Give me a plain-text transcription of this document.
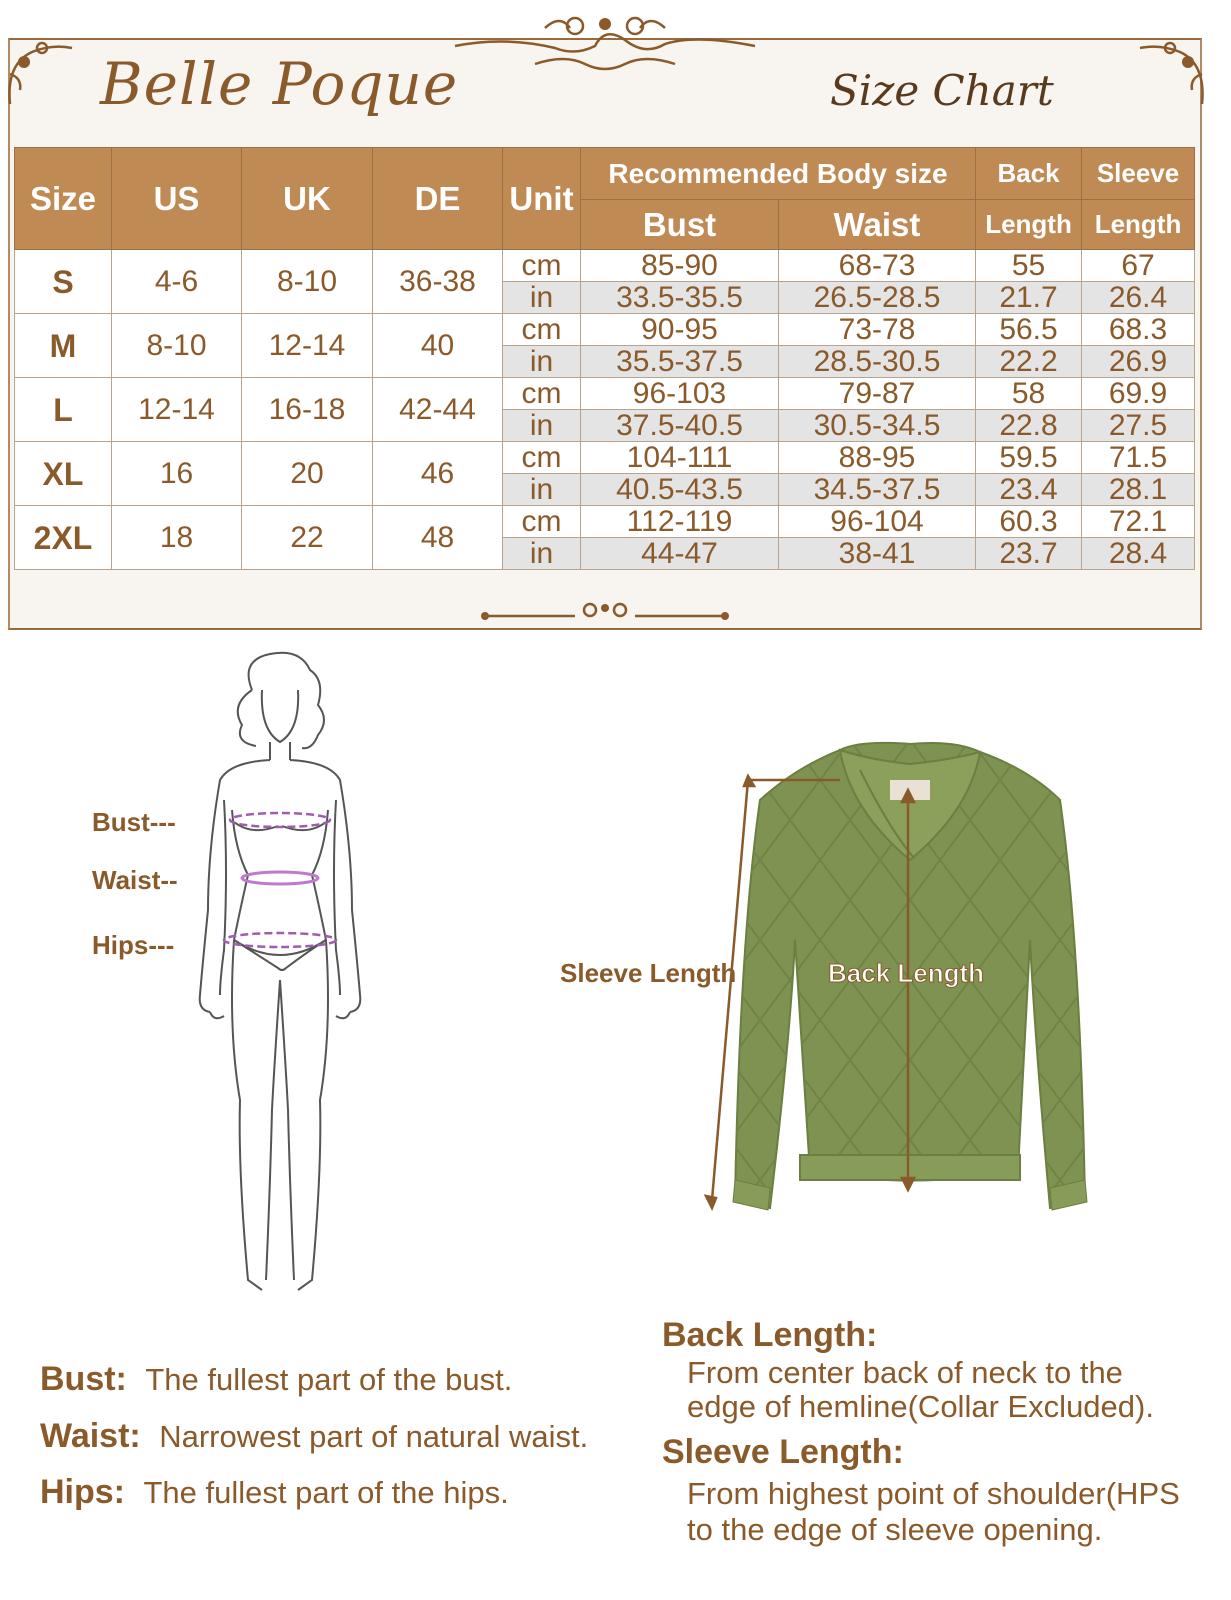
Belle Poque	Size Chart
Size	US	UK	DE	Unit	Recommended Body size		Back	Sleeve
					Bust	Waist	Length	Length
S	4-6	8-10	36-38	cm	85-90	68-73	55	67
				in	33.5-35.5	26.5-28.5	21.7	26.4
M	8-10	12-14	40	cm	90-95	73-78	56.5	68.3
				in	35.5-37.5	28.5-30.5	22.2	26.9
L	12-14	16-18	42-44	cm	96-103	79-87	58	69.9
				in	37.5-40.5	30.5-34.5	22.8	27.5
XL	16	20	46	cm	104-111	88-95	59.5	71.5
				in	40.5-43.5	34.5-37.5	23.4	28.1
2XL	18	22	48	cm	112-119	96-104	60.3	72.1
				in	44-47	38-41	23.7	28.4
Bust---
Waist--
Hips---
Sleeve Length	Back Length
Bust: The fullest part of the bust.
Waist: Narrowest part of natural waist.
Hips: The fullest part of the hips.
Back Length:
From center back of neck to the
edge of hemline(Collar Excluded).
Sleeve Length:
From highest point of shoulder(HPS
to the edge of sleeve opening.
